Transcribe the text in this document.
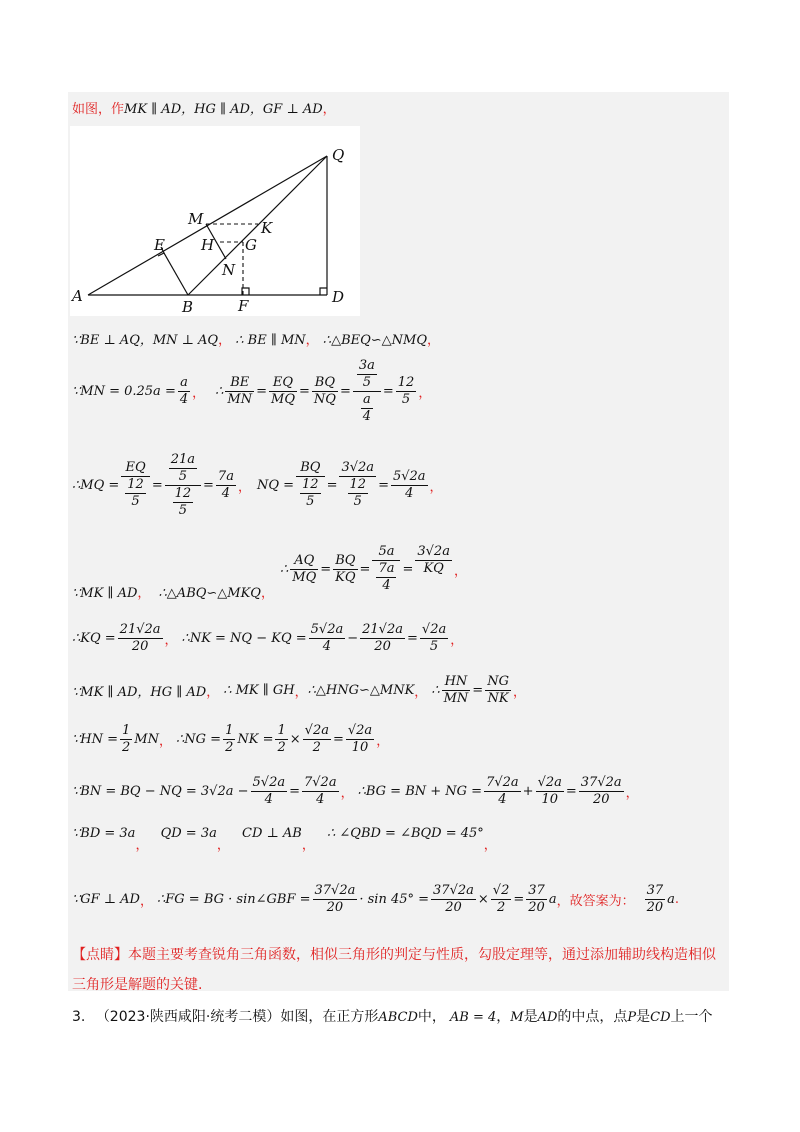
如图，作MK ∥ AD，HG ∥ AD，GF ⊥ AD，
A
B
D
E
F
G
H
K
M
N
Q
∵BE ⊥ AQ，MN ⊥ AQ， ∴ BE ∥ MN， ∴△BEQ∽△NMQ，
∵MN = $0.25a = \frac{a}{4}$ ， ∴ $\frac{BE}{MN} = \frac{EQ}{MQ} = \frac{BQ}{NQ} = \frac{\frac{3a}{5}}{\frac{a}{4}} = \frac{12}{5}$ ，
∴MQ = $\frac{EQ}{\frac{12}{5}} = \frac{\frac{21a}{5}}{\frac{12}{5}} = \frac{7a}{4}$ ， NQ = $\frac{BQ}{\frac{12}{5}} = \frac{3√2a}{\frac{12}{5}} = \frac{5√2a}{4}$ ，
∵MK ∥ AD， ∴△ABQ∽△MKQ，
∴ $\frac{AQ}{MQ} = \frac{BQ}{KQ} = \frac{5a}{\frac{7a}{4}} = \frac{3√2a}{KQ}$ ，
∴KQ = $\frac{21√2a}{20}$ ， ∴NK = NQ − KQ = $\frac{5√2a}{4} - \frac{21√2a}{20} = \frac{√2a}{5}$ ，
∵MK ∥ AD，HG ∥ AD ， ∴ MK ∥ GH ， ∴△HNG∽△MNK ， ∴ $\frac{HN}{MN} = \frac{NG}{NK}$ ，
∵HN = $\frac{1}{2}$ MN ， ∴NG = $\frac{1}{2}$ NK = $\frac{1}{2} \times \frac{√2a}{2} = \frac{√2a}{10}$ ，
∵BN = BQ − NQ = $3√2a - \frac{5√2a}{4} = \frac{7√2a}{4}$ ， ∴BG = BN + NG = $\frac{7√2a}{4} + \frac{√2a}{10} = \frac{37√2a}{20}$ ，
∵BD = 3a， QD = 3a， CD ⊥ AB， ∴ ∠QBD = ∠BQD = 45°，
∵GF ⊥ AD ， ∴FG = BG · sin∠GBF = $\frac{37√2a}{20} \cdot \sin 45^\circ = \frac{37√2a}{20} \times \frac{√2}{2} = \frac{37}{20}$ a ，故答案为： $\frac{37}{20}$ a .
【点睛】本题主要考查锐角三角函数，相似三角形的判定与性质，勾股定理等，通过添加辅助线构造相似三角形是解题的关键.
3. （2023·陕西咸阳·统考二模）如图，在正方形ABCD中， AB = 4，M是AD的中点，点P是CD上一个
